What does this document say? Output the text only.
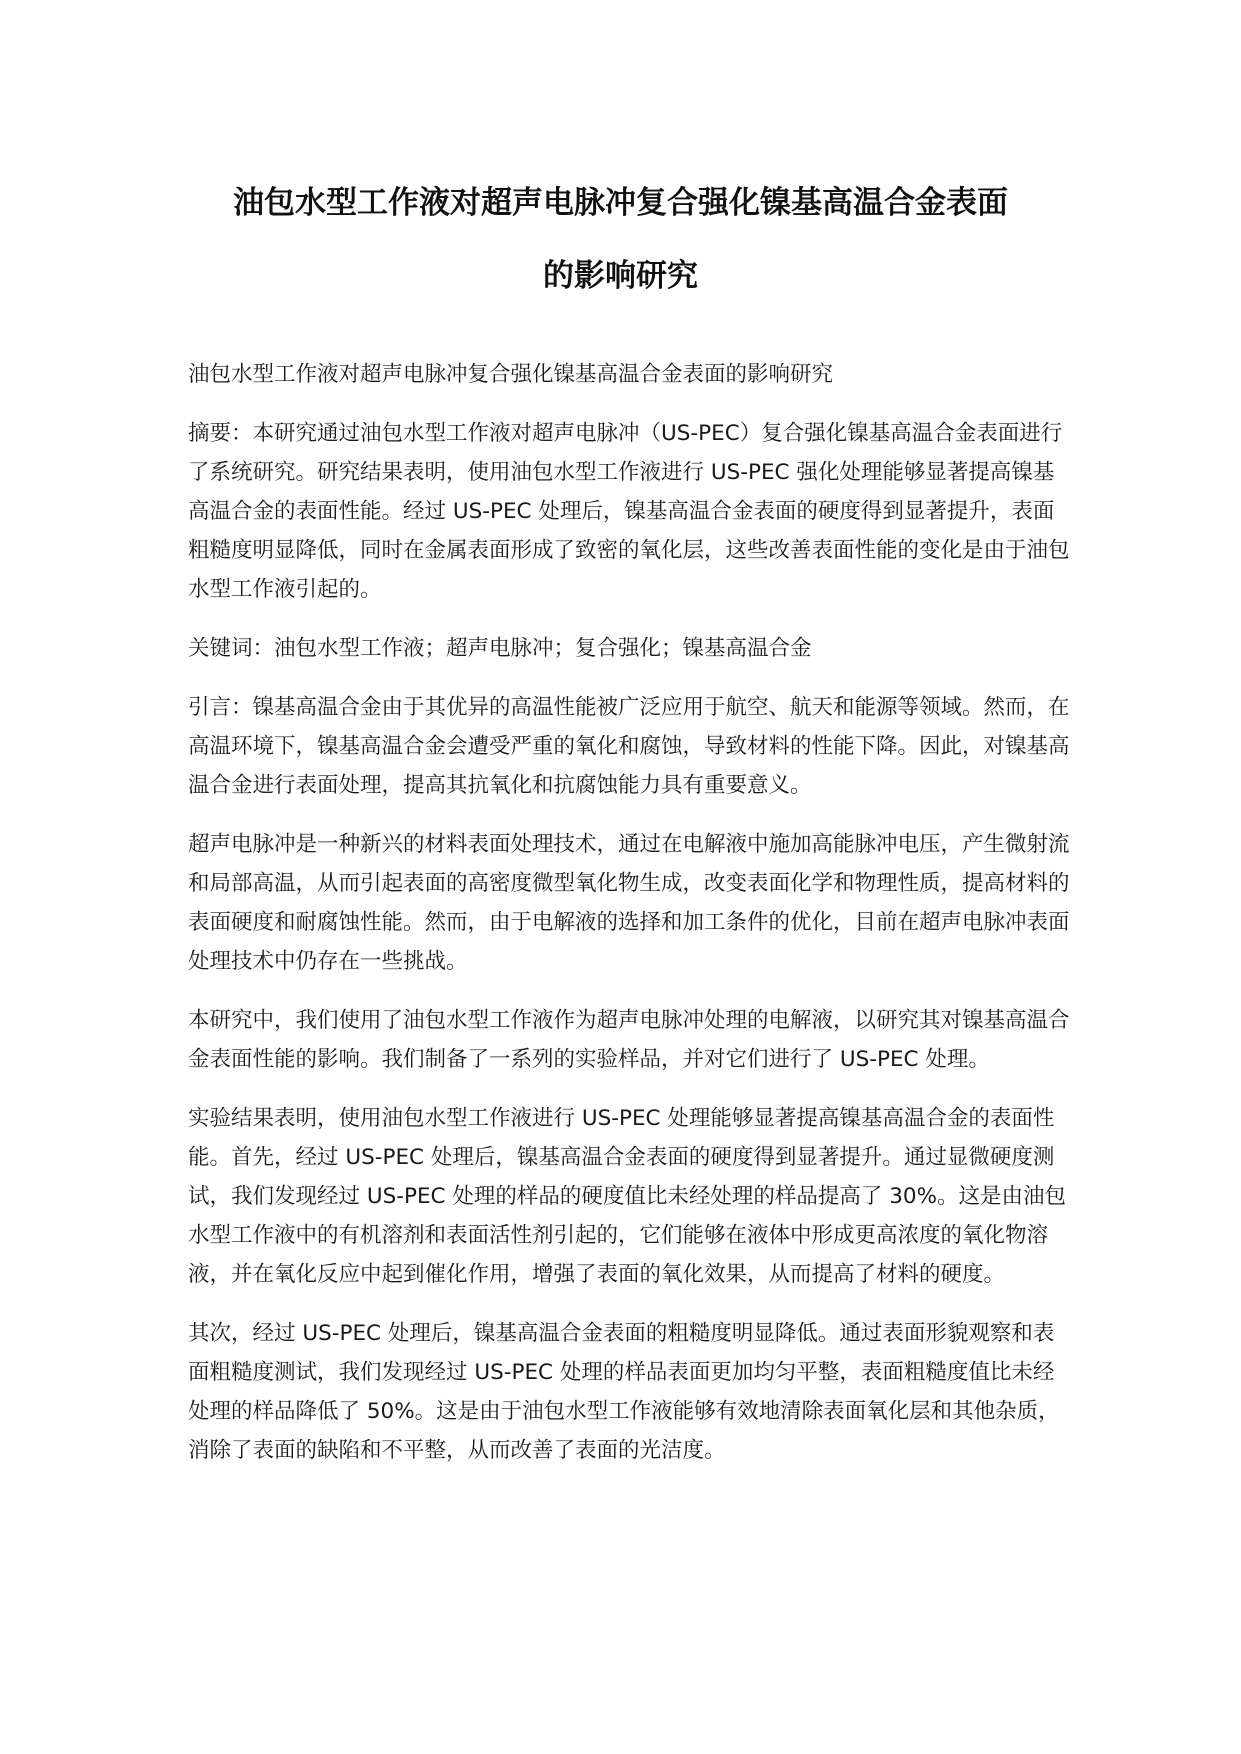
油包水型工作液对超声电脉冲复合强化镍基高温合金表面
的影响研究

油包水型工作液对超声电脉冲复合强化镍基高温合金表面的影响研究

摘要：本研究通过油包水型工作液对超声电脉冲（US-PEC）复合强化镍基高温合金表面进行了系统研究。研究结果表明，使用油包水型工作液进行 US-PEC 强化处理能够显著提高镍基高温合金的表面性能。经过 US-PEC 处理后，镍基高温合金表面的硬度得到显著提升，表面粗糙度明显降低，同时在金属表面形成了致密的氧化层，这些改善表面性能的变化是由于油包水型工作液引起的。

关键词：油包水型工作液；超声电脉冲；复合强化；镍基高温合金

引言：镍基高温合金由于其优异的高温性能被广泛应用于航空、航天和能源等领域。然而，在高温环境下，镍基高温合金会遭受严重的氧化和腐蚀，导致材料的性能下降。因此，对镍基高温合金进行表面处理，提高其抗氧化和抗腐蚀能力具有重要意义。

超声电脉冲是一种新兴的材料表面处理技术，通过在电解液中施加高能脉冲电压，产生微射流和局部高温，从而引起表面的高密度微型氧化物生成，改变表面化学和物理性质，提高材料的表面硬度和耐腐蚀性能。然而，由于电解液的选择和加工条件的优化，目前在超声电脉冲表面处理技术中仍存在一些挑战。

本研究中，我们使用了油包水型工作液作为超声电脉冲处理的电解液，以研究其对镍基高温合金表面性能的影响。我们制备了一系列的实验样品，并对它们进行了 US-PEC 处理。

实验结果表明，使用油包水型工作液进行 US-PEC 处理能够显著提高镍基高温合金的表面性能。首先，经过 US-PEC 处理后，镍基高温合金表面的硬度得到显著提升。通过显微硬度测试，我们发现经过 US-PEC 处理的样品的硬度值比未经处理的样品提高了 30%。这是由油包水型工作液中的有机溶剂和表面活性剂引起的，它们能够在液体中形成更高浓度的氧化物溶液，并在氧化反应中起到催化作用，增强了表面的氧化效果，从而提高了材料的硬度。

其次，经过 US-PEC 处理后，镍基高温合金表面的粗糙度明显降低。通过表面形貌观察和表面粗糙度测试，我们发现经过 US-PEC 处理的样品表面更加均匀平整，表面粗糙度值比未经处理的样品降低了 50%。这是由于油包水型工作液能够有效地清除表面氧化层和其他杂质，消除了表面的缺陷和不平整，从而改善了表面的光洁度。
